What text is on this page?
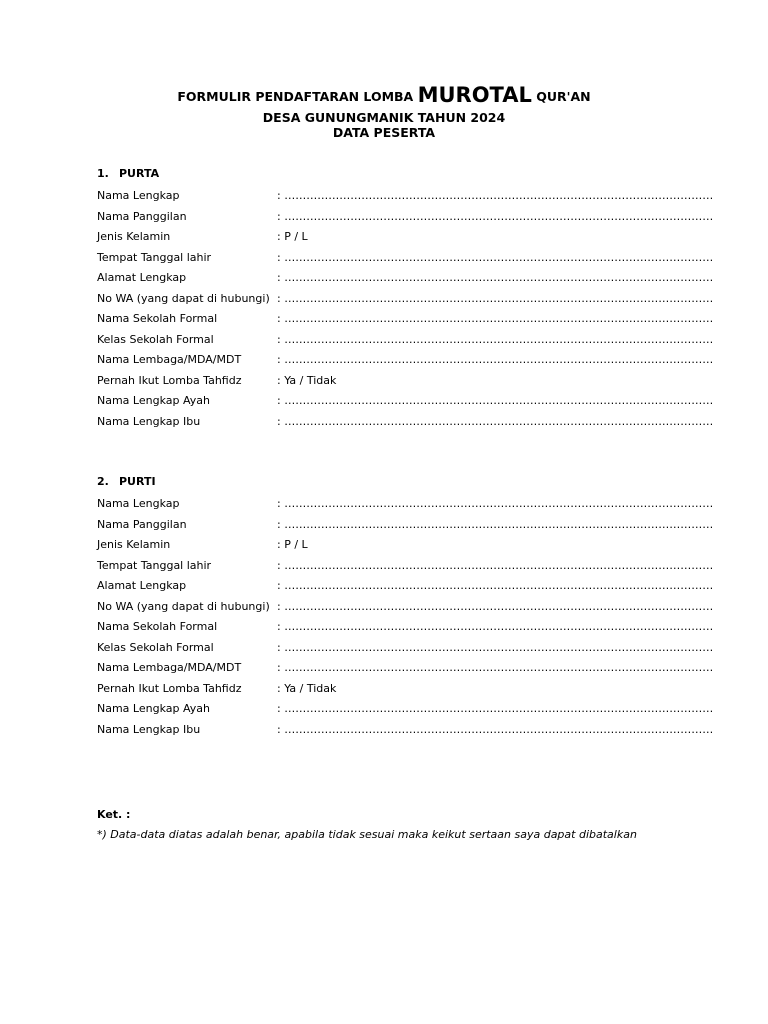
FORMULIR PENDAFTARAN LOMBA MUROTAL QUR'AN
DESA GUNUNGMANIK TAHUN 2024
DATA PESERTA
1. PURTA
Nama Lengkap	: ………………………………………………………………………………………………………
Nama Panggilan	: ………………………………………………………………………………………………………
Jenis Kelamin	: P / L
Tempat Tanggal lahir	: ………………………………………………………………………………………………………
Alamat Lengkap	: ………………………………………………………………………………………………………
No WA (yang dapat di hubungi) : ………………………………………………………………………………………………………
Nama Sekolah Formal	: ………………………………………………………………………………………………………
Kelas Sekolah Formal	: ………………………………………………………………………………………………………
Nama Lembaga/MDA/MDT	: ………………………………………………………………………………………………………
Pernah Ikut Lomba Tahfidz	: Ya / Tidak
Nama Lengkap Ayah	: ………………………………………………………………………………………………………
Nama Lengkap Ibu	: ………………………………………………………………………………………………………
2. PURTI
Nama Lengkap	: ………………………………………………………………………………………………………
Nama Panggilan	: ………………………………………………………………………………………………………
Jenis Kelamin	: P / L
Tempat Tanggal lahir	: ………………………………………………………………………………………………………
Alamat Lengkap	: ………………………………………………………………………………………………………
No WA (yang dapat di hubungi) : ………………………………………………………………………………………………………
Nama Sekolah Formal	: ………………………………………………………………………………………………………
Kelas Sekolah Formal	: ………………………………………………………………………………………………………
Nama Lembaga/MDA/MDT	: ………………………………………………………………………………………………………
Pernah Ikut Lomba Tahfidz	: Ya / Tidak
Nama Lengkap Ayah	: ………………………………………………………………………………………………………
Nama Lengkap Ibu	: ………………………………………………………………………………………………………
Ket. :
*) Data-data diatas adalah benar, apabila tidak sesuai maka keikut sertaan saya dapat dibatalkan
